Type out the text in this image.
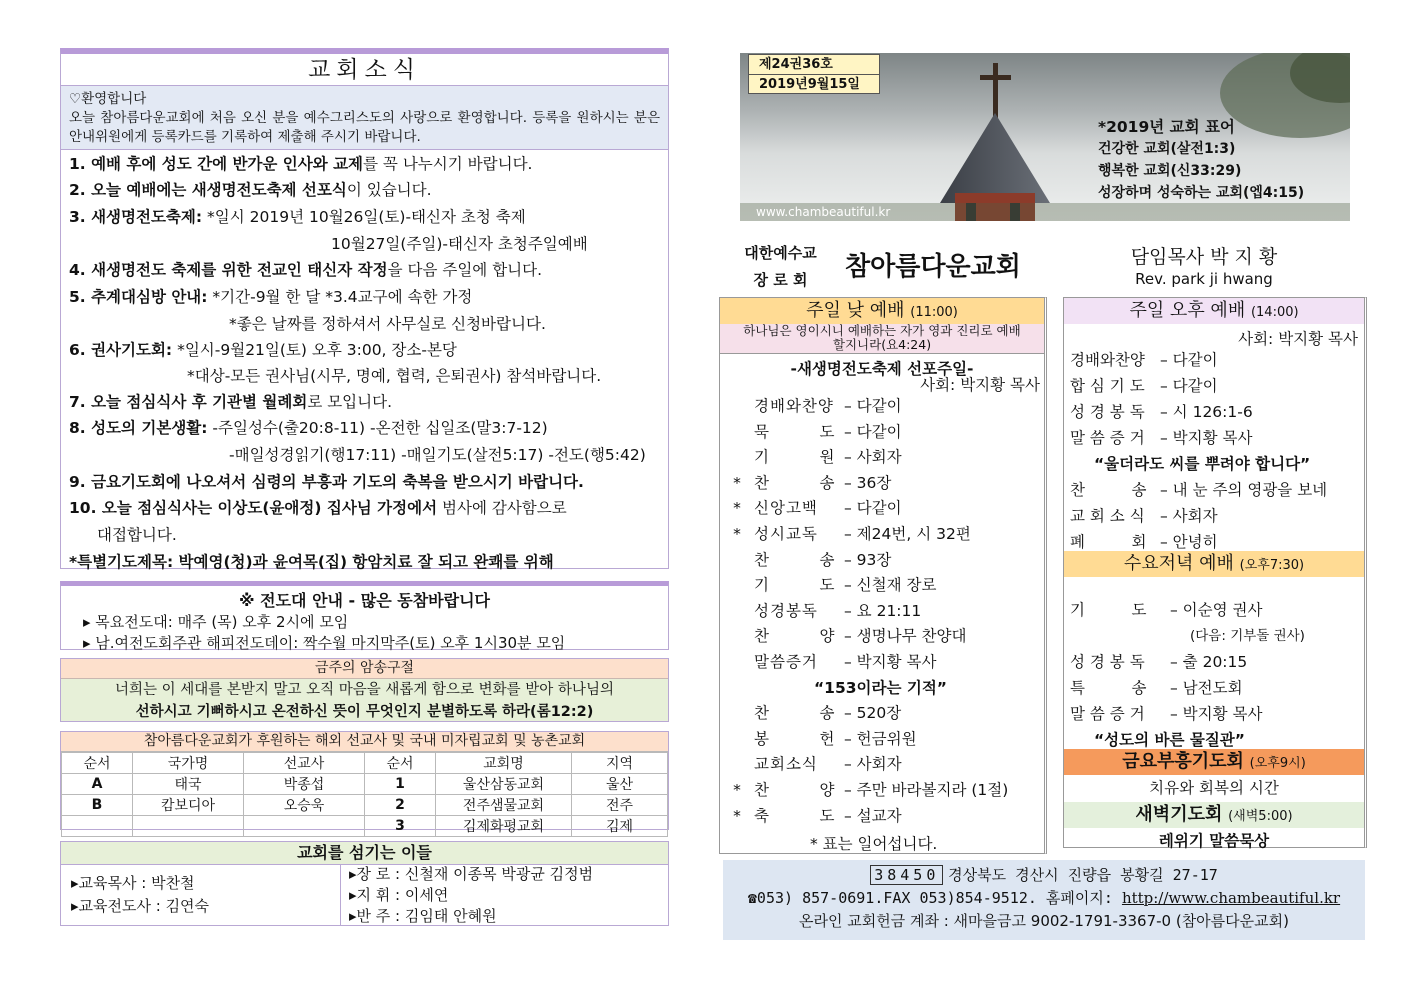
교회소식
♡환영합니다
오늘 참아름다운교회에 처음 오신 분을 예수그리스도의 사랑으로 환영합니다. 등록을 원하시는 분은 안내위원에게 등록카드를 기록하여 제출해 주시기 바랍니다.
1. 예배 후에 성도 간에 반가운 인사와 교제를 꼭 나누시기 바랍니다.
2. 오늘 예배에는 새생명전도축제 선포식이 있습니다.
3. 새생명전도축제: *일시 2019년 10월26일(토)-태신자 초청 축제
10월27일(주일)-태신자 초청주일예배
4. 새생명전도 축제를 위한 전교인 태신자 작정을 다음 주일에 합니다.
5. 추계대심방 안내: *기간-9월 한 달 *3.4교구에 속한 가정
*좋은 날짜를 정하셔서 사무실로 신청바랍니다.
6. 권사기도회: *일시-9월21일(토) 오후 3:00, 장소-본당
*대상-모든 권사님(시무, 명예, 협력, 은퇴권사) 참석바랍니다.
7. 오늘 점심식사 후 기관별 월례회로 모입니다.
8. 성도의 기본생활: -주일성수(출20:8-11) -온전한 십일조(말3:7-12)
-매일성경읽기(행17:11) -매일기도(살전5:17) -전도(행5:42)
9. 금요기도회에 나오셔서 심령의 부흥과 기도의 축복을 받으시기 바랍니다.
10. 오늘 점심식사는 이상도(윤애정) 집사님 가정에서 범사에 감사함으로
대접합니다.
*특별기도제목: 박예영(청)과 윤여목(집) 항암치료 잘 되고 완쾌를 위해
※ 전도대 안내 - 많은 동참바랍니다
▸ 목요전도대: 매주 (목) 오후 2시에 모임
▸ 남.여전도회주관 해피전도데이: 짝수월 마지막주(토) 오후 1시30분 모임
금주의 암송구절
너희는 이 세대를 본받지 말고 오직 마음을 새롭게 함으로 변화를 받아 하나님의
선하시고 기뻐하시고 온전하신 뜻이 무엇인지 분별하도록 하라(롬12:2)
참아름다운교회가 후원하는 해외 선교사 및 국내 미자립교회 및 농촌교회
순서	국가명	선교사	순서	교회명	지역
A	태국	박종섭	1	울산삼동교회	울산
B	캄보디아	오승욱	2	전주샘물교회	전주
			3	김제화평교회	김제
교회를 섬기는 이들
▸교육목사 : 박찬철
▸교육전도사 : 김연숙
▸장 로 : 신철재 이종목 박광균 김정범
▸지 휘 : 이세연
▸반 주 : 김임태 안혜원
www.chambeautiful.kr
제24권36호
2019년9월15일
*2019년 교회 표어
건강한 교회(살전1:3)
행복한 교회(신33:29)
성장하며 성숙하는 교회(엡4:15)
대한예수교
장 로 회	참아름다운교회	담임목사 박 지 황
Rev. park ji hwang
주일 낮 예배 (11:00)
하나님은 영이시니 예배하는 자가 영과 진리로 예배할지니라(요4:24)
-새생명전도축제 선포주일-
사회: 박지황 목사
경배와찬양 – 다같이
묵　　　도 – 다같이
기　　　원 – 사회자
* 찬　　　송 – 36장
* 신앙고백 – 다같이
* 성시교독 – 제24번, 시 32편
찬　　　송 – 93장
기　　　도 – 신철재 장로
성경봉독 – 요 21:11
찬　　　양 – 생명나무 찬양대
말씀증거 – 박지황 목사
“153이라는 기적”
찬　　　송 – 520장
봉　　　헌 – 헌금위원
교회소식 – 사회자
* 찬　　　양 – 주만 바라볼지라 (1절)
* 축　　　도 – 설교자
* 표는 일어섭니다.
주일 오후 예배 (14:00)
사회: 박지황 목사
경배와찬양 – 다같이
합 심 기 도 – 다같이
성 경 봉 독 – 시 126:1-6
말 씀 증 거 – 박지황 목사
“울더라도 씨를 뿌려야 합니다”
찬　　　송 – 내 눈 주의 영광을 보네
교 회 소 식 – 사회자
폐　　　회 – 안녕히
수요저녁 예배 (오후7:30)
기　　　도 – 이순영 권사
(다음: 기부돌 권사)
성 경 봉 독 – 출 20:15
특　　　송 – 남전도회
말 씀 증 거 – 박지황 목사
“성도의 바른 물질관”
금요부흥기도회 (오후9시)
치유와 회복의 시간
새벽기도회 (새벽5:00)
레위기 말씀묵상
38450 경상북도 경산시 진량읍 봉황길 27-17
☎053) 857-0691.FAX 053)854-9512. 홈페이지: http://www.chambeautiful.kr
온라인 교회헌금 계좌 : 새마을금고 9002-1791-3367-0 (참아름다운교회)
